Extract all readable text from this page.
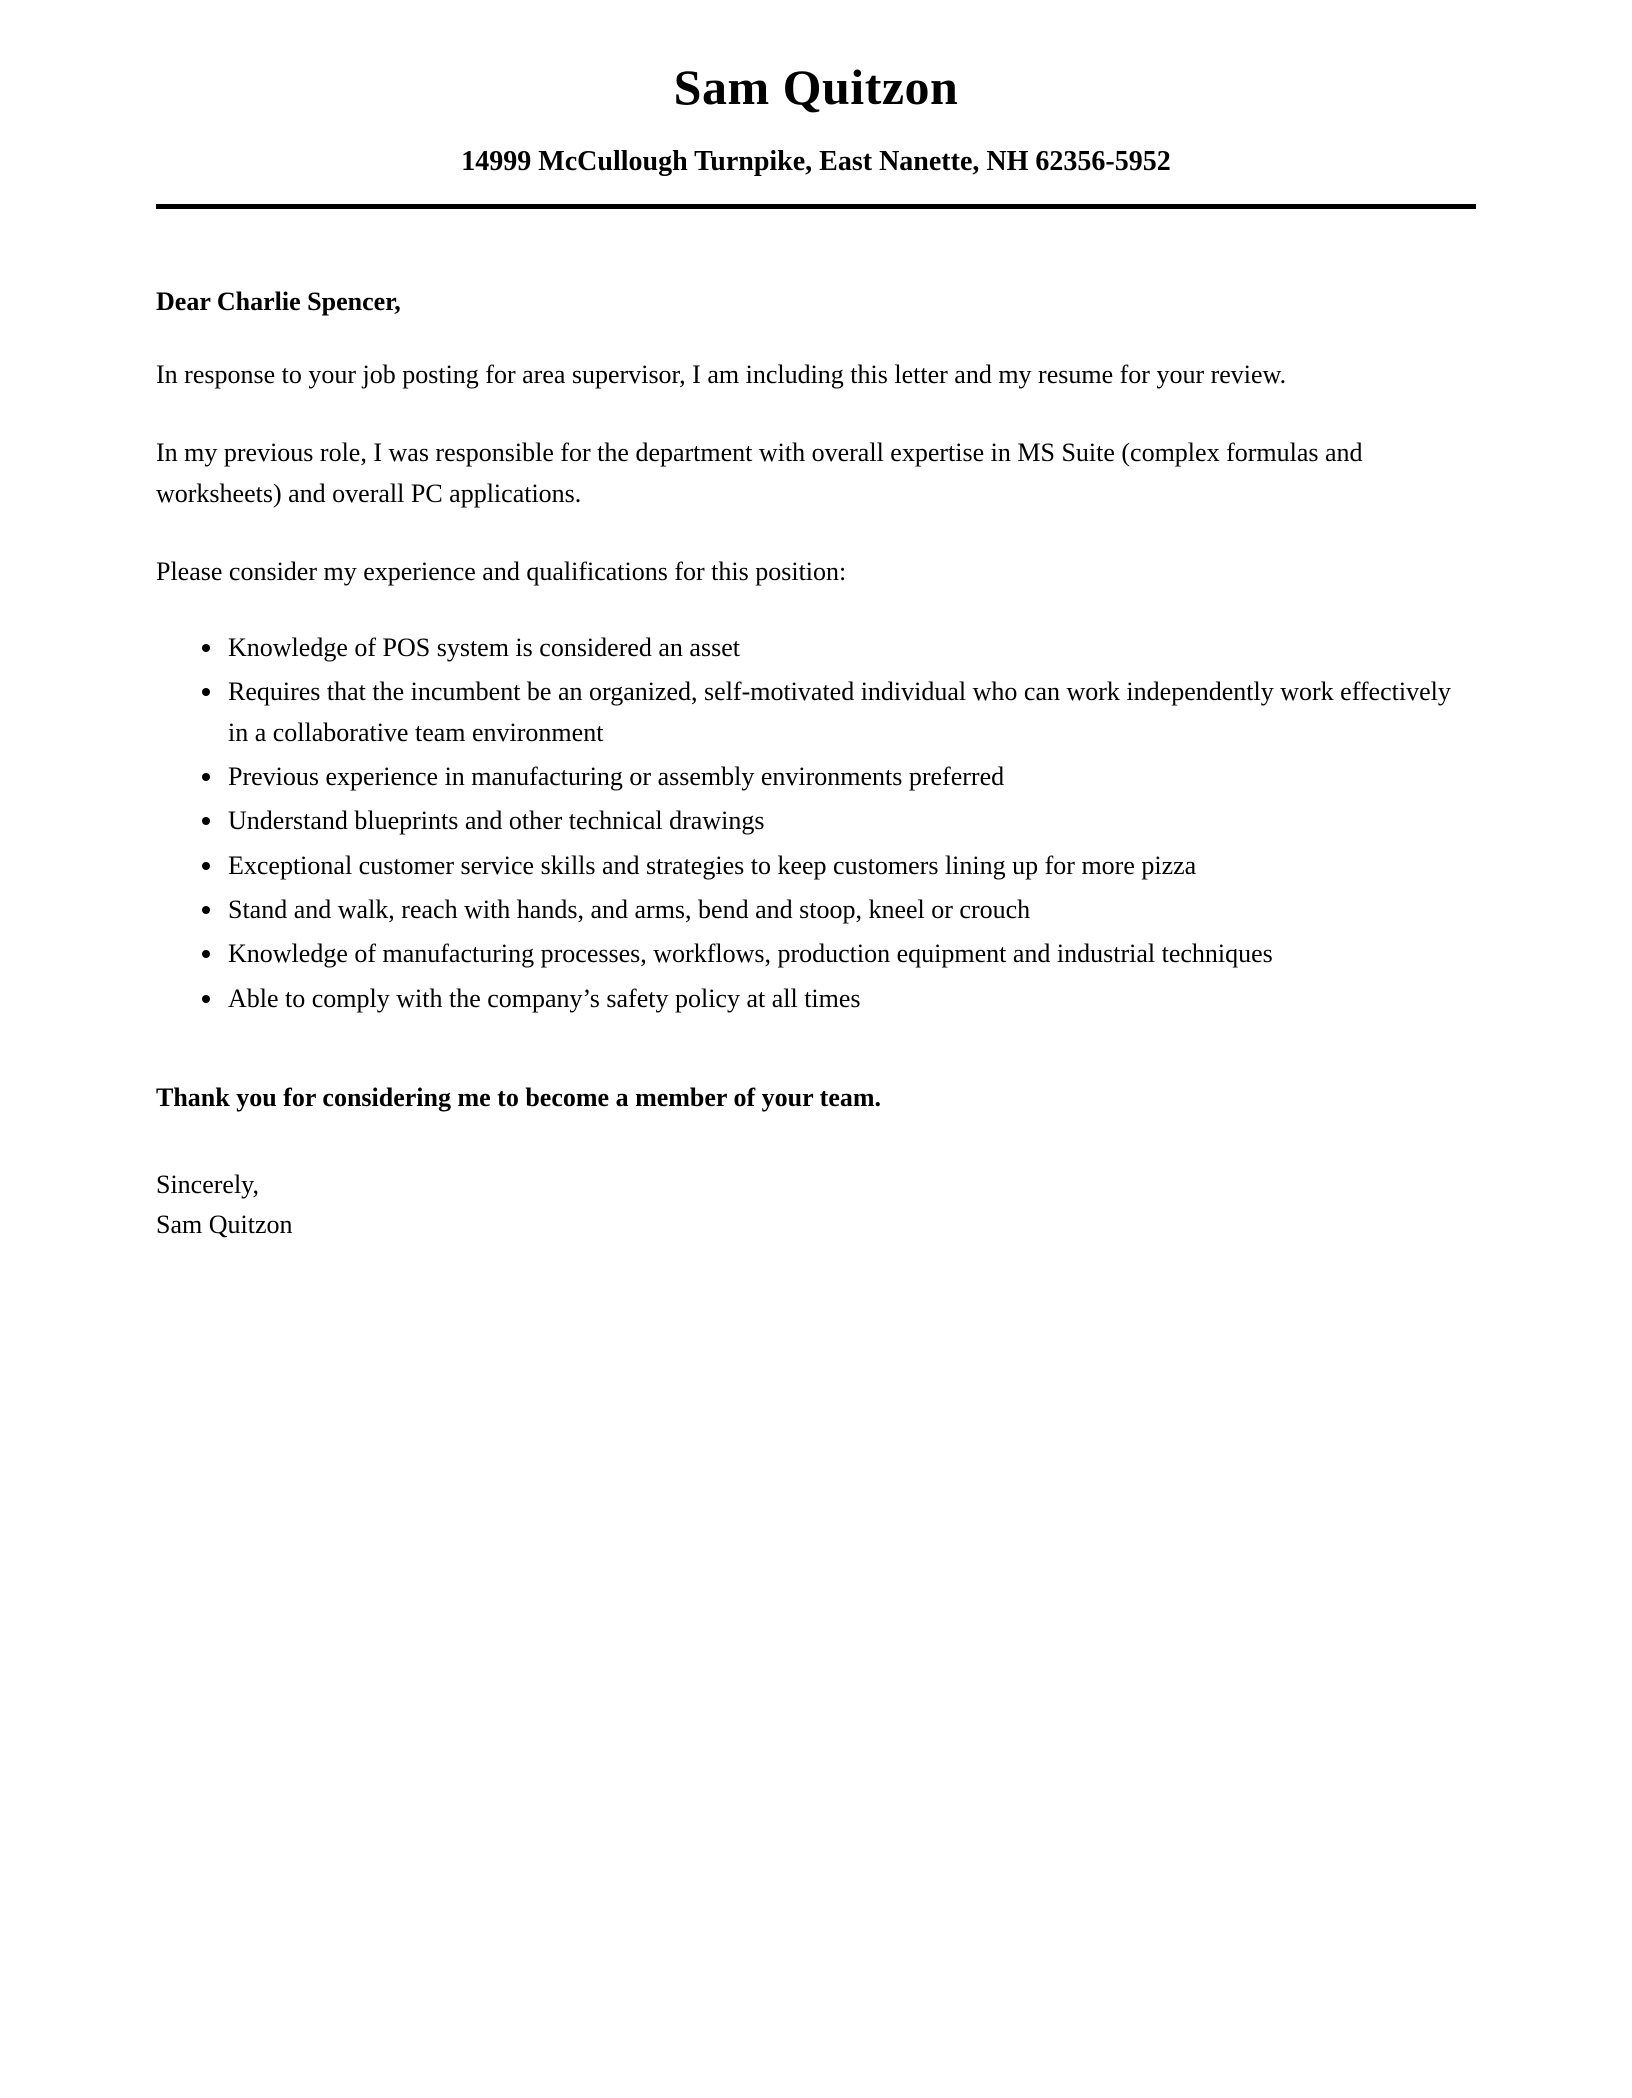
Sam Quitzon
14999 McCullough Turnpike, East Nanette, NH 62356-5952

Dear Charlie Spencer,

In response to your job posting for area supervisor, I am including this letter and my resume for your review.

In my previous role, I was responsible for the department with overall expertise in MS Suite (complex formulas and worksheets) and overall PC applications.

Please consider my experience and qualifications for this position:

Knowledge of POS system is considered an asset
Requires that the incumbent be an organized, self-motivated individual who can work independently work effectively in a collaborative team environment
Previous experience in manufacturing or assembly environments preferred
Understand blueprints and other technical drawings
Exceptional customer service skills and strategies to keep customers lining up for more pizza
Stand and walk, reach with hands, and arms, bend and stoop, kneel or crouch
Knowledge of manufacturing processes, workflows, production equipment and industrial techniques
Able to comply with the company’s safety policy at all times

Thank you for considering me to become a member of your team.

Sincerely,

Sam Quitzon
